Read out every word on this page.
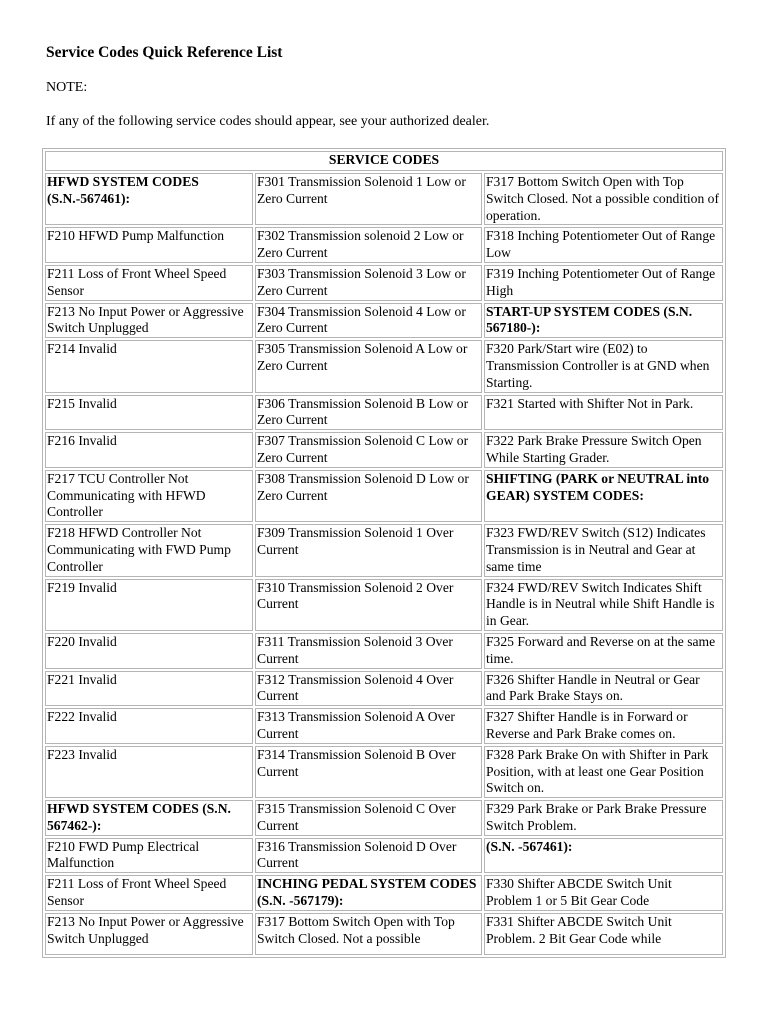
Service Codes Quick Reference List
NOTE:
If any of the following service codes should appear, see your authorized dealer.
SERVICE CODES		
HFWD SYSTEM CODES (S.N.-567461):	F301 Transmission Solenoid 1 Low or Zero Current	F317 Bottom Switch Open with Top Switch Closed. Not a possible condition of operation.
F210 HFWD Pump Malfunction	F302 Transmission solenoid 2 Low or Zero Current	F318 Inching Potentiometer Out of Range Low
F211 Loss of Front Wheel Speed Sensor	F303 Transmission Solenoid 3 Low or Zero Current	F319 Inching Potentiometer Out of Range High
F213 No Input Power or Aggressive Switch Unplugged	F304 Transmission Solenoid 4 Low or Zero Current	START-UP SYSTEM CODES (S.N. 567180-):
F214 Invalid	F305 Transmission Solenoid A Low or Zero Current	F320 Park/Start wire (E02) to Transmission Controller is at GND when Starting.
F215 Invalid	F306 Transmission Solenoid B Low or Zero Current	F321 Started with Shifter Not in Park.
F216 Invalid	F307 Transmission Solenoid C Low or Zero Current	F322 Park Brake Pressure Switch Open While Starting Grader.
F217 TCU Controller Not Communicating with HFWD Controller	F308 Transmission Solenoid D Low or Zero Current	SHIFTING (PARK or NEUTRAL into GEAR) SYSTEM CODES:
F218 HFWD Controller Not Communicating with FWD Pump Controller	F309 Transmission Solenoid 1 Over Current	F323 FWD/REV Switch (S12) Indicates Transmission is in Neutral and Gear at same time
F219 Invalid	F310 Transmission Solenoid 2 Over Current	F324 FWD/REV Switch Indicates Shift Handle is in Neutral while Shift Handle is in Gear.
F220 Invalid	F311 Transmission Solenoid 3 Over Current	F325 Forward and Reverse on at the same time.
F221 Invalid	F312 Transmission Solenoid 4 Over Current	F326 Shifter Handle in Neutral or Gear and Park Brake Stays on.
F222 Invalid	F313 Transmission Solenoid A Over Current	F327 Shifter Handle is in Forward or Reverse and Park Brake comes on.
F223 Invalid	F314 Transmission Solenoid B Over Current	F328 Park Brake On with Shifter in Park Position, with at least one Gear Position Switch on.
HFWD SYSTEM CODES (S.N. 567462-):	F315 Transmission Solenoid C Over Current	F329 Park Brake or Park Brake Pressure Switch Problem.
F210 FWD Pump Electrical Malfunction	F316 Transmission Solenoid D Over Current	(S.N. -567461):
F211 Loss of Front Wheel Speed Sensor	INCHING PEDAL SYSTEM CODES (S.N. -567179):	F330 Shifter ABCDE Switch Unit Problem 1 or 5 Bit Gear Code
F213 No Input Power or Aggressive Switch Unplugged	F317 Bottom Switch Open with Top Switch Closed. Not a possible	F331 Shifter ABCDE Switch Unit Problem. 2 Bit Gear Code while
